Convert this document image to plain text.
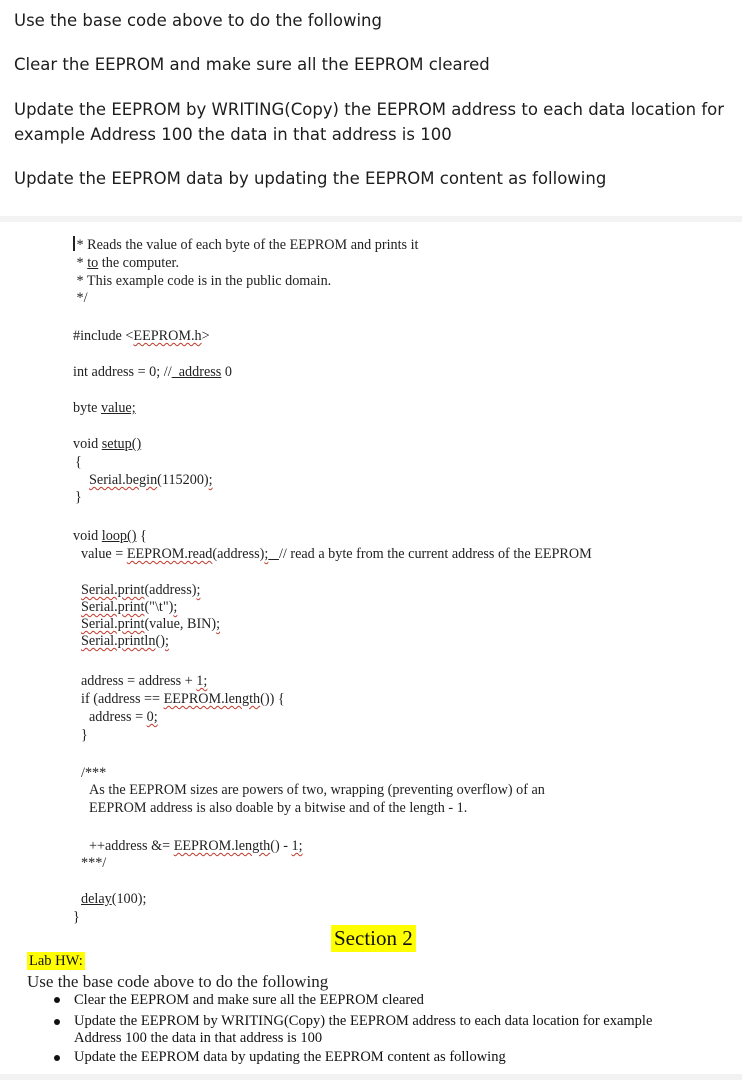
Use the base code above to do the following

Clear the EEPROM and make sure all the EEPROM cleared

Update the EEPROM by WRITING(Copy) the EEPROM address to each data location for

example Address 100 the data in that address is 100

Update the EEPROM data by updating the EEPROM content as following

* Reads the value of each byte of the EEPROM and prints it
* to the computer.
* This example code is in the public domain.
*/
#include <EEPROM.h>
int address = 0; //  address 0
byte value;
void setup()
{
Serial.begin(115200);
}
void loop() {
value = EEPROM.read(address); // read a byte from the current address of the EEPROM
Serial.print(address);
Serial.print("\t");
Serial.print(value, BIN);
Serial.println();
address = address + 1;
if (address == EEPROM.length()) {
address = 0;
}
/***
As the EEPROM sizes are powers of two, wrapping (preventing overflow) of an
EEPROM address is also doable by a bitwise and of the length - 1.
++address &= EEPROM.length() - 1;
***/
delay(100);
}
Section 2
Lab HW:
Use the base code above to do the following
Clear the EEPROM and make sure all the EEPROM cleared
Update the EEPROM by WRITING(Copy) the EEPROM address to each data location for example
Address 100 the data in that address is 100
Update the EEPROM data by updating the EEPROM content as following
